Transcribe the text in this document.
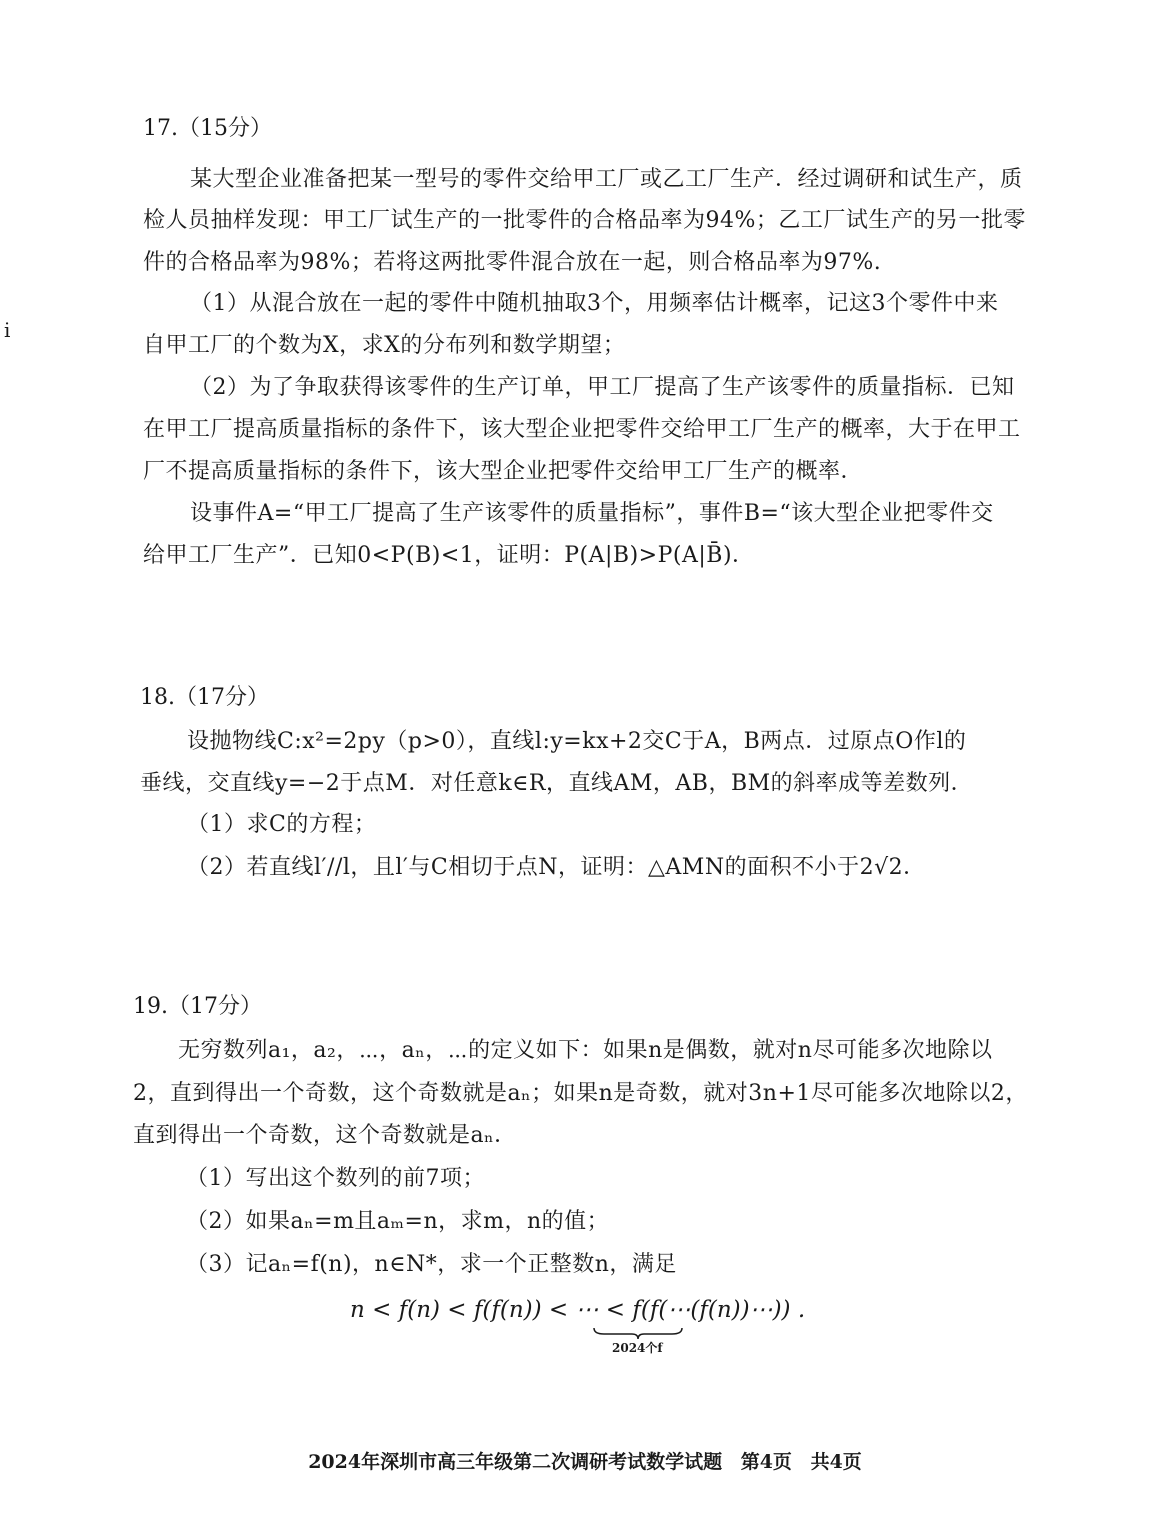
i
17.（15分）
某大型企业准备把某一型号的零件交给甲工厂或乙工厂生产．经过调研和试生产，质
检人员抽样发现：甲工厂试生产的一批零件的合格品率为94%；乙工厂试生产的另一批零
件的合格品率为98%；若将这两批零件混合放在一起，则合格品率为97%.
（1）从混合放在一起的零件中随机抽取3个，用频率估计概率，记这3个零件中来
自甲工厂的个数为X，求X的分布列和数学期望；
（2）为了争取获得该零件的生产订单，甲工厂提高了生产该零件的质量指标．已知
在甲工厂提高质量指标的条件下，该大型企业把零件交给甲工厂生产的概率，大于在甲工
厂不提高质量指标的条件下，该大型企业把零件交给甲工厂生产的概率．
设事件A=“甲工厂提高了生产该零件的质量指标”，事件B=“该大型企业把零件交
给甲工厂生产”．已知0<P(B)<1，证明：P(A|B)>P(A|B̄)．
18.（17分）
设抛物线C:x²=2py（p>0），直线l:y=kx+2交C于A，B两点．过原点O作l的
垂线，交直线y=−2于点M．对任意k∈R，直线AM，AB，BM的斜率成等差数列．
（1）求C的方程；
（2）若直线l′//l，且l′与C相切于点N，证明：△AMN的面积不小于2√2．
19.（17分）
无穷数列a₁，a₂，⋯，aₙ，⋯的定义如下：如果n是偶数，就对n尽可能多次地除以
2，直到得出一个奇数，这个奇数就是aₙ；如果n是奇数，就对3n+1尽可能多次地除以2，
直到得出一个奇数，这个奇数就是aₙ．
（1）写出这个数列的前7项；
（2）如果aₙ=m且aₘ=n，求m，n的值；
（3）记aₙ=f(n)，n∈N*，求一个正整数n，满足
n < f(n) < f(f(n)) < ⋯ < f(f(⋯(f(n))⋯)) .
2024个f
2024年深圳市高三年级第二次调研考试数学试题 第4页 共4页
